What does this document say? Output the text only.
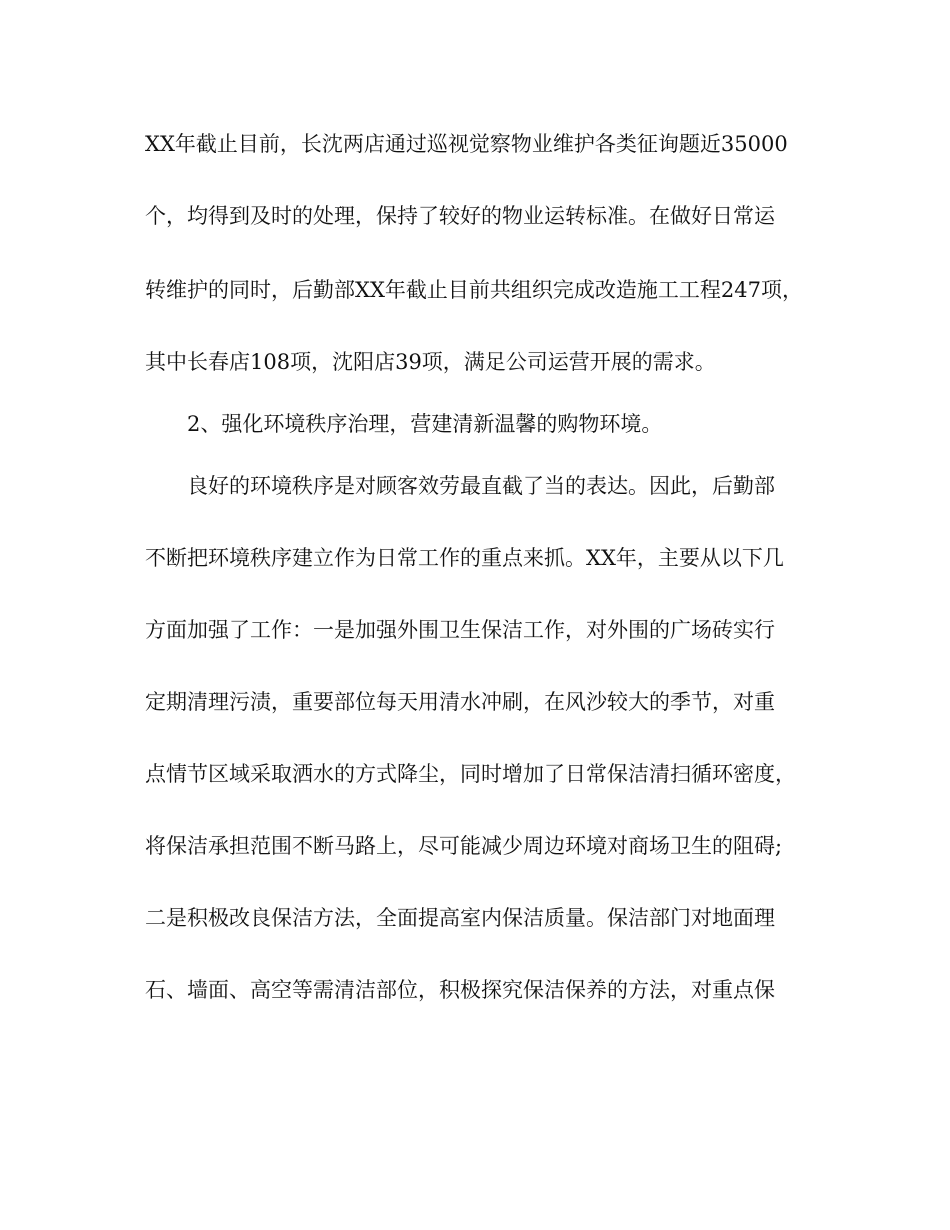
XX年截止目前，长沈两店通过巡视觉察物业维护各类征询题近35000
个，均得到及时的处理，保持了较好的物业运转标准。在做好日常运
转维护的同时，后勤部XX年截止目前共组织完成改造施工工程247项，
其中长春店108项，沈阳店39项，满足公司运营开展的需求。
2、强化环境秩序治理，营建清新温馨的购物环境。
良好的环境秩序是对顾客效劳最直截了当的表达。因此，后勤部
不断把环境秩序建立作为日常工作的重点来抓。XX年，主要从以下几
方面加强了工作：一是加强外围卫生保洁工作，对外围的广场砖实行
定期清理污渍，重要部位每天用清水冲刷，在风沙较大的季节，对重
点情节区域采取洒水的方式降尘，同时增加了日常保洁清扫循环密度，
将保洁承担范围不断马路上，尽可能减少周边环境对商场卫生的阻碍;
二是积极改良保洁方法，全面提高室内保洁质量。保洁部门对地面理
石、墙面、高空等需清洁部位，积极探究保洁保养的方法，对重点保
